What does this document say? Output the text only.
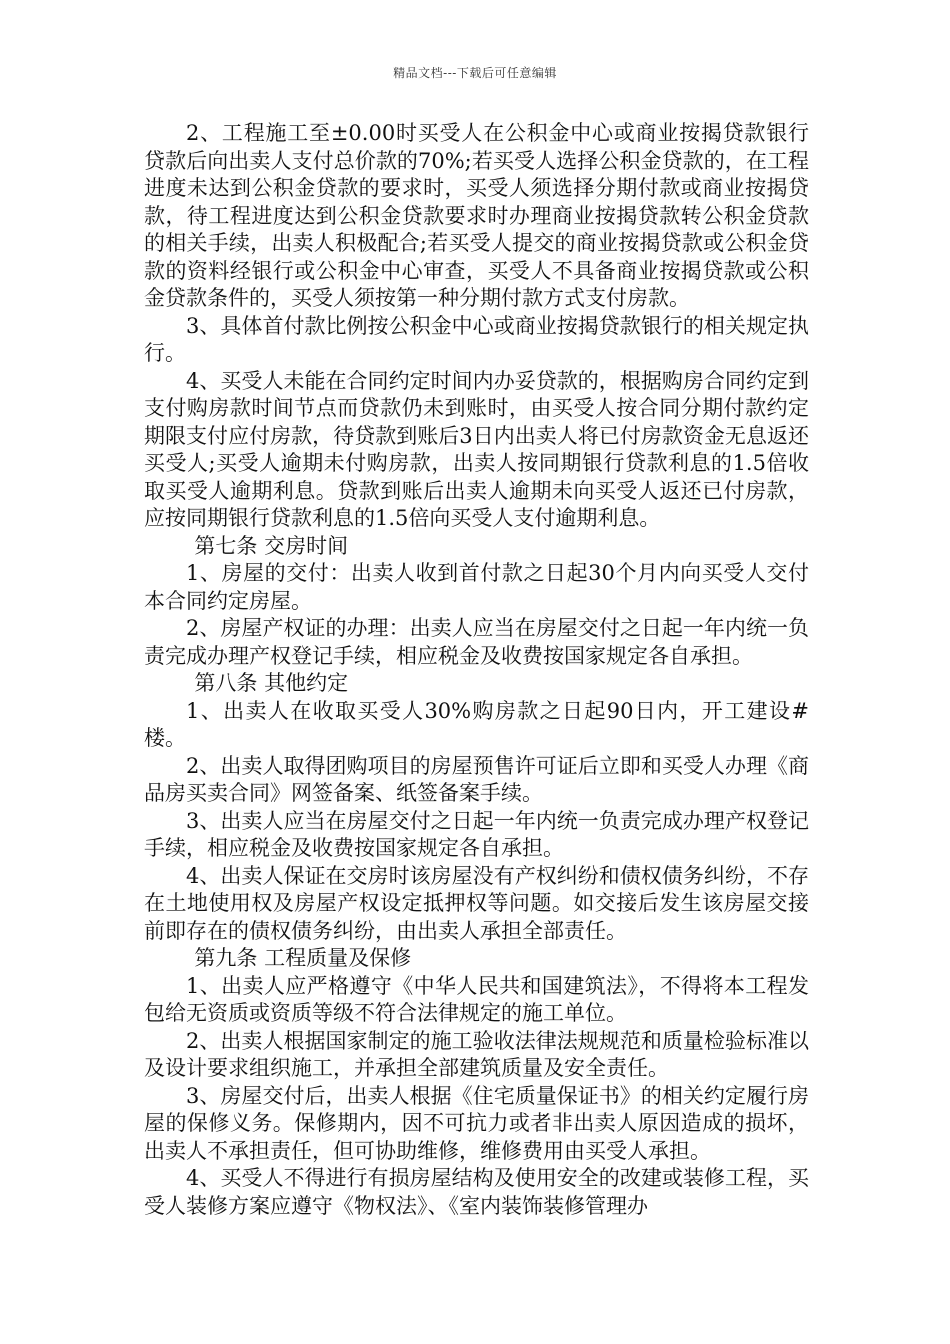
精品文档---下载后可任意编辑

2、工程施工至±0.00时买受人在公积金中心或商业按揭贷款银行贷款后向出卖人支付总价款的70%;若买受人选择公积金贷款的，在工程进度未达到公积金贷款的要求时，买受人须选择分期付款或商业按揭贷款，待工程进度达到公积金贷款要求时办理商业按揭贷款转公积金贷款的相关手续，出卖人积极配合;若买受人提交的商业按揭贷款或公积金贷款的资料经银行或公积金中心审查，买受人不具备商业按揭贷款或公积金贷款条件的，买受人须按第一种分期付款方式支付房款。

3、具体首付款比例按公积金中心或商业按揭贷款银行的相关规定执行。

4、买受人未能在合同约定时间内办妥贷款的，根据购房合同约定到支付购房款时间节点而贷款仍未到账时，由买受人按合同分期付款约定期限支付应付房款，待贷款到账后3日内出卖人将已付房款资金无息返还买受人;买受人逾期未付购房款，出卖人按同期银行贷款利息的1.5倍收取买受人逾期利息。贷款到账后出卖人逾期未向买受人返还已付房款，应按同期银行贷款利息的1.5倍向买受人支付逾期利息。

第七条 交房时间

1、房屋的交付：出卖人收到首付款之日起30个月内向买受人交付本合同约定房屋。

2、房屋产权证的办理：出卖人应当在房屋交付之日起一年内统一负责完成办理产权登记手续，相应税金及收费按国家规定各自承担。

第八条 其他约定

1、出卖人在收取买受人30%购房款之日起90日内，开工建设#楼。

2、出卖人取得团购项目的房屋预售许可证后立即和买受人办理《商品房买卖合同》网签备案、纸签备案手续。

3、出卖人应当在房屋交付之日起一年内统一负责完成办理产权登记手续，相应税金及收费按国家规定各自承担。

4、出卖人保证在交房时该房屋没有产权纠纷和债权债务纠纷，不存在土地使用权及房屋产权设定抵押权等问题。如交接后发生该房屋交接前即存在的债权债务纠纷，由出卖人承担全部责任。

第九条 工程质量及保修

1、出卖人应严格遵守《中华人民共和国建筑法》，不得将本工程发包给无资质或资质等级不符合法律规定的施工单位。

2、出卖人根据国家制定的施工验收法律法规规范和质量检验标准以及设计要求组织施工，并承担全部建筑质量及安全责任。

3、房屋交付后，出卖人根据《住宅质量保证书》的相关约定履行房屋的保修义务。保修期内，因不可抗力或者非出卖人原因造成的损坏，出卖人不承担责任，但可协助维修，维修费用由买受人承担。

4、买受人不得进行有损房屋结构及使用安全的改建或装修工程，买受人装修方案应遵守《物权法》、《室内装饰装修管理办
